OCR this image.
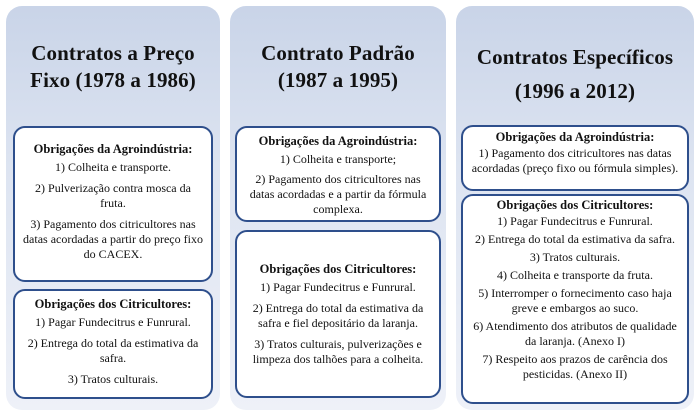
Contratos a Preço
Fixo (1978 a 1986)
Obrigações da Agroindústria:
1) Colheita e transporte.
2) Pulverização contra mosca da fruta.
3) Pagamento dos citricultores nas datas acordadas a partir do preço fixo do CACEX.
Obrigações dos Citricultores:
1) Pagar Fundecitrus e Funrural.
2) Entrega do total da estimativa da safra.
3) Tratos culturais.
Contrato Padrão
(1987 a 1995)
Obrigações da Agroindústria:
1) Colheita e transporte;
2) Pagamento dos citricultores nas datas acordadas e a partir da fórmula complexa.
Obrigações dos Citricultores:
1) Pagar Fundecitrus e Funrural.
2) Entrega do total da estimativa da safra e fiel depositário da laranja.
3) Tratos culturais, pulverizações e limpeza dos talhões para a colheita.
Contratos Específicos
(1996 a 2012)
Obrigações da Agroindústria:
1) Pagamento dos citricultores nas datas acordadas (preço fixo ou fórmula simples).
Obrigações dos Citricultores:
1) Pagar Fundecitrus e Funrural.
2) Entrega do total da estimativa da safra.
3) Tratos culturais.
4) Colheita e transporte da fruta.
5) Interromper o fornecimento caso haja greve e embargos ao suco.
6) Atendimento dos atributos de qualidade da laranja. (Anexo I)
7) Respeito aos prazos de carência dos pesticidas. (Anexo II)
